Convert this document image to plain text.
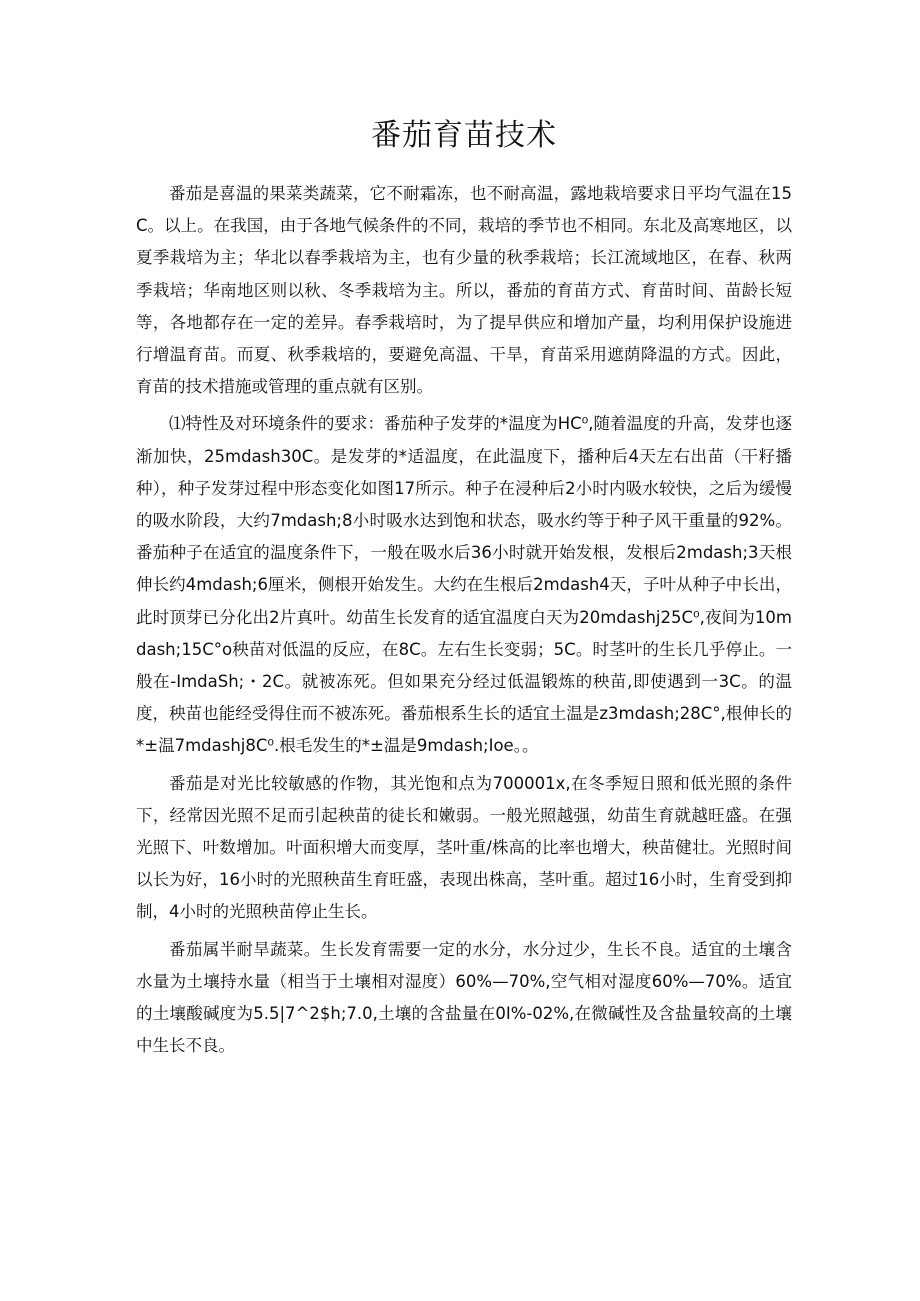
番茄育苗技术

番茄是喜温的果菜类蔬菜，它不耐霜冻，也不耐高温，露地栽培要求日平均气温在15C。以上。在我国，由于各地气候条件的不同，栽培的季节也不相同。东北及高寒地区，以夏季栽培为主；华北以春季栽培为主，也有少量的秋季栽培；长江流域地区，在春、秋两季栽培；华南地区则以秋、冬季栽培为主。所以，番茄的育苗方式、育苗时间、苗龄长短等，各地都存在一定的差异。春季栽培时，为了提早供应和增加产量，均利用保护设施进行增温育苗。而夏、秋季栽培的，要避免高温、干旱，育苗采用遮荫降温的方式。因此，育苗的技术措施或管理的重点就有区别。

⑴特性及对环境条件的要求：番茄种子发芽的*温度为HC⁰,随着温度的升高，发芽也逐渐加快，25mdash30C。是发芽的*适温度，在此温度下，播种后4天左右出苗（干籽播种），种子发芽过程中形态变化如图17所示。种子在浸种后2小时内吸水较快，之后为缓慢的吸水阶段，大约7mdash;8小时吸水达到饱和状态，吸水约等于种子风干重量的92%。番茄种子在适宜的温度条件下，一般在吸水后36小时就开始发根，发根后2mdash;3天根伸长约4mdash;6厘米，侧根开始发生。大约在生根后2mdash4天，子叶从种子中长出，此时顶芽已分化出2片真叶。幼苗生长发育的适宜温度白天为20mdashj25C⁰,夜间为10mdash;15C°o秧苗对低温的反应，在8C。左右生长变弱；5C。时茎叶的生长几乎停止。一般在-ImdaSh;・2C。就被冻死。但如果充分经过低温锻炼的秧苗,即使遇到一3C。的温度，秧苗也能经受得住而不被冻死。番茄根系生长的适宜土温是z3mdash;28C°,根伸长的*±温7mdashj8C⁰.根毛发生的*±温是9mdash;Ioe。。

番茄是对光比较敏感的作物，其光饱和点为700001x,在冬季短日照和低光照的条件下，经常因光照不足而引起秧苗的徒长和嫩弱。一般光照越强，幼苗生育就越旺盛。在强光照下、叶数增加。叶面积增大而变厚，茎叶重/株高的比率也增大，秧苗健壮。光照时间以长为好，16小时的光照秧苗生育旺盛，表现出株高，茎叶重。超过16小时，生育受到抑制，4小时的光照秧苗停止生长。

番茄属半耐旱蔬菜。生长发育需要一定的水分，水分过少，生长不良。适宜的土壤含水量为土壤持水量（相当于土壤相对湿度）60%—70%,空气相对湿度60%—70%。适宜的土壤酸碱度为5.5|7^2$h;7.0,土壤的含盐量在0I%-02%,在微碱性及含盐量较高的土壤中生长不良。
